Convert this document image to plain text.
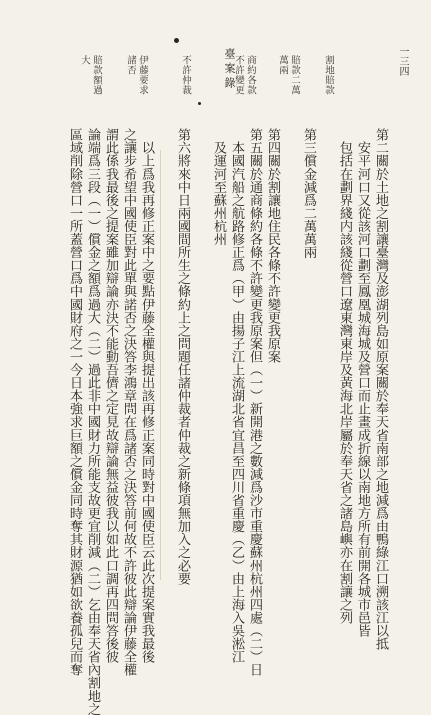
臺 案 錄	一三四
割地賠款
賠款二萬
萬兩
商約各款
不許變更
不許仲裁
伊藤要求
諸否
賠款額過
大
第二關於土地之割讓臺灣及澎湖列島如原案關於奉天省南部之地減爲由鴨綠江口溯該江以抵
　安平河口又從該河口劃至鳳凰城海城及營口而止畫成折線以南地方所有前開各城市邑皆
　包括在劃界綫内該綫從營口遼東灣東岸及黃海北岸屬於奉天省之諸島嶼亦在割讓之列
第三償金減爲二萬萬兩
第四關於割讓地住民各條不許變更我原案
第五關於通商條約各條不許變更我原案但（一）新開港之數減爲沙市重慶蘇州杭州四處（二）日
　本國汽船之航路修正爲（甲）由揚子江上流湖北省宜昌至四川省重慶（乙）由上海入吳淞江
　及運河至蘇州杭州
第六將來中日兩國間所生之條約上之問題任諸仲裁者仲裁之新條項無加入之必要
　以上爲我再修正案中之要點伊藤全權與提出該再修正案同時對中國使臣云此次提案實我最後
之讓步希望中國使臣對此單與諾否之決答李鴻章問在爲諸否之決答前何故不許彼此辯論伊藤全權
謂此係我最後之提案雖加辯論亦決不能動吾儕之定見故辯論無益彼我以如此口調再四問答後彼
論端爲三段（一）償金之額爲過大（二）過此非中國財力所能支故更宜削減（二）乞由奉天省內割地之
區域削除營口一所蓋營口爲中國財府之一今日本強求巨額之償金同時奪其財源猶如欲養孤兒而奪
